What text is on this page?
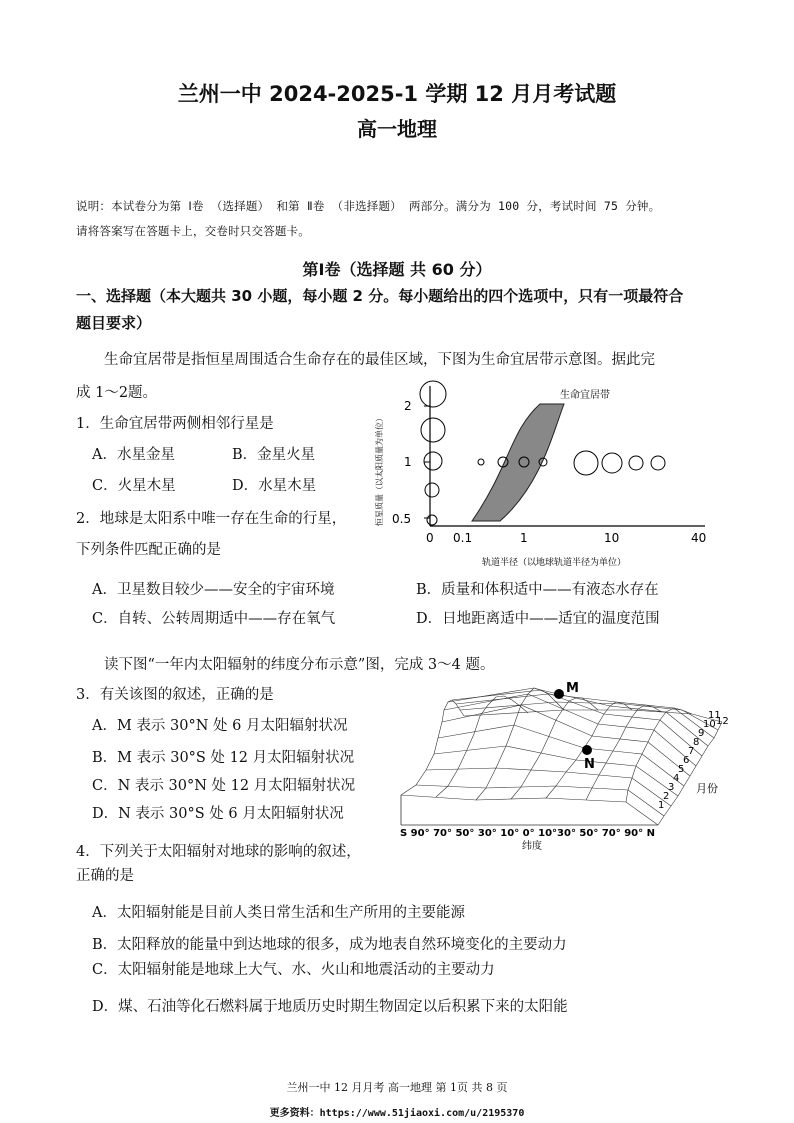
兰州一中 2024-2025-1 学期 12 月月考试题
高一地理
说明：本试卷分为第 Ⅰ卷 （选择题） 和第 Ⅱ卷 （非选择题） 两部分。满分为 100 分，考试时间 75 分钟。
请将答案写在答题卡上，交卷时只交答题卡。
第Ⅰ卷（选择题 共 60 分）
一、选择题（本大题共 30 小题，每小题 2 分。每小题给出的四个选项中，只有一项最符合
题目要求）
生命宜居带是指恒星周围适合生命存在的最佳区域，下图为生命宜居带示意图。据此完
成 1～2题。
1．生命宜居带两侧相邻行星是
A．水星金星	B．金星火星
C．火星木星	D．水星木星
2．地球是太阳系中唯一存在生命的行星，
下列条件匹配正确的是
A．卫星数目较少——安全的宇宙环境	B．质量和体积适中——有液态水存在
C．自转、公转周期适中——存在氧气	D．日地距离适中——适宜的温度范围
2
1
0.5
恒星质量（以太阳质量为单位）
0 0.1	1	10	40
轨道半径（以地球轨道半径为单位）
生命宜居带
读下图“一年内太阳辐射的纬度分布示意”图，完成 3～4 题。
3．有关该图的叙述，正确的是
A．M 表示 30°N 处 6 月太阳辐射状况
B．M 表示 30°S 处 12 月太阳辐射状况
C．N 表示 30°N 处 12 月太阳辐射状况
D．N 表示 30°S 处 6 月太阳辐射状况
M
N
1
2
3
4
5
6
7
8
9
10
11
12
月份
S 90° 70° 50° 30° 10° 0° 10°30° 50° 70° 90° N
纬度
4．下列关于太阳辐射对地球的影响的叙述，
正确的是
A．太阳辐射能是目前人类日常生活和生产所用的主要能源
B．太阳释放的能量中到达地球的很多，成为地表自然环境变化的主要动力
C．太阳辐射能是地球上大气、水、火山和地震活动的主要动力
D．煤、石油等化石燃料属于地质历史时期生物固定以后积累下来的太阳能
兰州一中 12 月月考 高一地理 第 1页 共 8 页
更多资料：https://www.51jiaoxi.com/u/2195370
